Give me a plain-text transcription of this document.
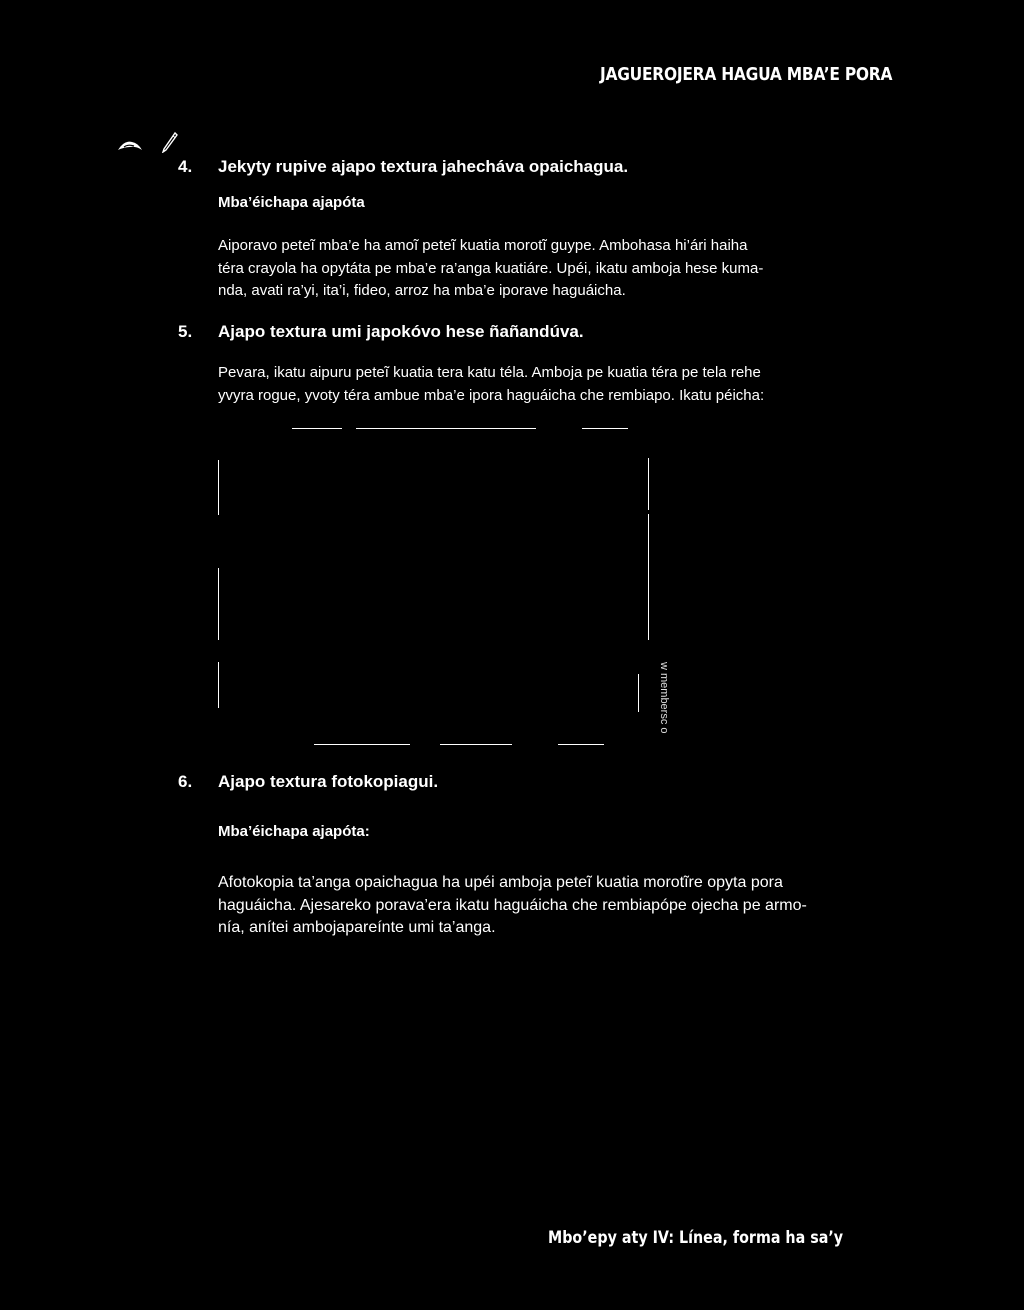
JAGUEROJERA HAGUA MBA’E PORA
4. Jekyty rupive ajapo textura jahecháva opaichagua.
Mba’éichapa ajapóta
Aiporavo peteĩ mba’e ha amoĩ peteĩ kuatia morotĩ guype. Ambohasa hi’ári haiha
téra crayola ha opytáta pe mba’e ra’anga kuatiáre. Upéi, ikatu amboja hese kuma-
nda, avati ra’yi, ita’i, fideo, arroz ha mba’e iporave haguáicha.
5. Ajapo textura umi japokóvo hese ñañandúva.
Pevara, ikatu aipuru peteĩ kuatia tera katu téla. Amboja pe kuatia téra pe tela rehe
yvyra rogue, yvoty téra ambue mba’e ipora haguáicha che rembiapo. Ikatu péicha:
w membersc o
6. Ajapo textura fotokopiagui.
Mba’éichapa ajapóta:
Afotokopia ta’anga opaichagua ha upéi amboja peteĩ kuatia morotĩre opyta pora
haguáicha. Ajesareko porava’era ikatu haguáicha che rembiapópe ojecha pe armo-
nía, anítei ambojapareínte umi ta’anga.
Mbo’epy aty IV: Línea, forma ha sa’y
